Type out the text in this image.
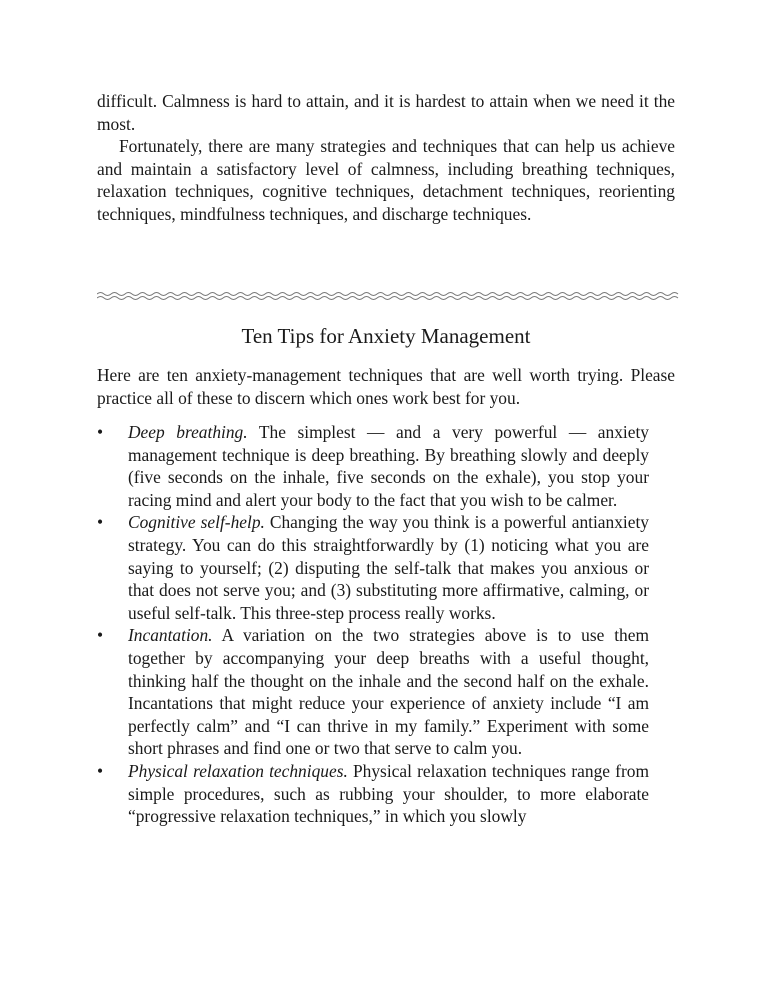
difficult. Calmness is hard to attain, and it is hardest to attain when we need it the most.

Fortunately, there are many strategies and techniques that can help us achieve and maintain a satisfactory level of calmness, including breathing techniques, relaxation techniques, cognitive techniques, detachment techniques, reorienting techniques, mindfulness techniques, and discharge techniques.

Ten Tips for Anxiety Management

Here are ten anxiety-management techniques that are well worth trying. Please practice all of these to discern which ones work best for you.

• Deep breathing. The simplest — and a very powerful — anxiety management technique is deep breathing. By breathing slowly and deeply (five seconds on the inhale, five seconds on the exhale), you stop your racing mind and alert your body to the fact that you wish to be calmer.
• Cognitive self-help. Changing the way you think is a powerful antianxiety strategy. You can do this straightforwardly by (1) noticing what you are saying to yourself; (2) disputing the self-talk that makes you anxious or that does not serve you; and (3) substituting more affirmative, calming, or useful self-talk. This three-step process really works.
• Incantation. A variation on the two strategies above is to use them together by accompanying your deep breaths with a useful thought, thinking half the thought on the inhale and the second half on the exhale. Incantations that might reduce your experience of anxiety include “I am perfectly calm” and “I can thrive in my family.” Experiment with some short phrases and find one or two that serve to calm you.
• Physical relaxation techniques. Physical relaxation techniques range from simple procedures, such as rubbing your shoulder, to more elaborate “progressive relaxation techniques,” in which you slowly
